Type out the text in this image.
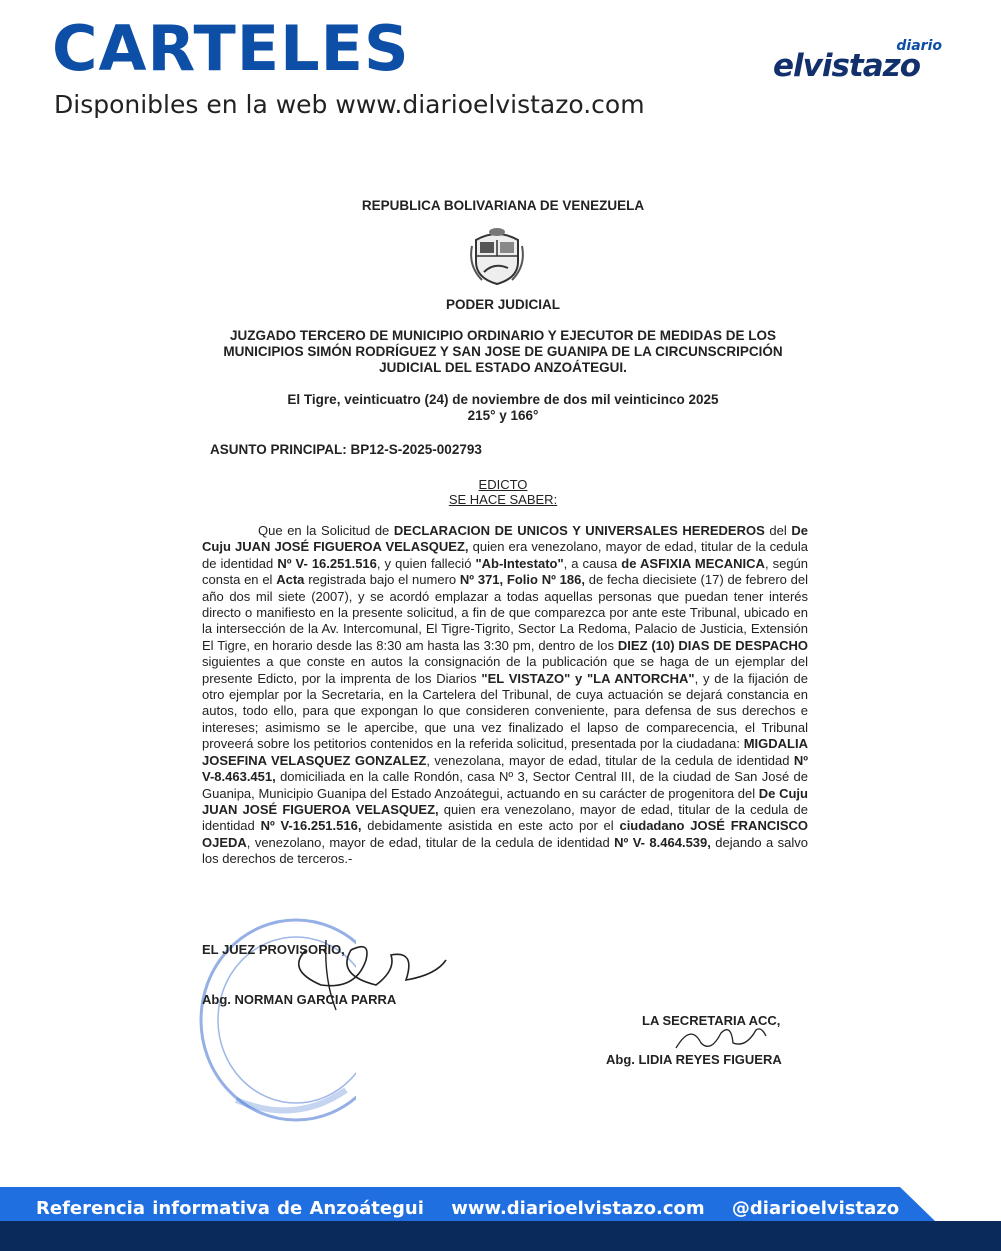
CARTELES
Disponibles en la web www.diarioelvistazo.com
diario
elvistazo
REPUBLICA BOLIVARIANA DE VENEZUELA
PODER JUDICIAL
JUZGADO TERCERO DE MUNICIPIO ORDINARIO Y EJECUTOR DE MEDIDAS DE LOS
MUNICIPIOS SIMÓN RODRÍGUEZ Y SAN JOSE DE GUANIPA DE LA CIRCUNSCRIPCIÓN
JUDICIAL DEL ESTADO ANZOÁTEGUI.
El Tigre, veinticuatro (24) de noviembre de dos mil veinticinco 2025
215° y 166°
ASUNTO PRINCIPAL: BP12-S-2025-002793
EDICTO
SE HACE SABER:
Que en la Solicitud de DECLARACION DE UNICOS Y UNIVERSALES HEREDEROS del De Cuju JUAN JOSÉ FIGUEROA VELASQUEZ, quien era venezolano, mayor de edad, titular de la cedula de identidad Nº V- 16.251.516, y quien falleció "Ab-Intestato", a causa de ASFIXIA MECANICA, según consta en el Acta registrada bajo el numero Nº 371, Folio Nº 186, de fecha diecisiete (17) de febrero del año dos mil siete (2007), y se acordó emplazar a todas aquellas personas que puedan tener interés directo o manifiesto en la presente solicitud, a fin de que comparezca por ante este Tribunal, ubicado en la intersección de la Av. Intercomunal, El Tigre-Tigrito, Sector La Redoma, Palacio de Justicia, Extensión El Tigre, en horario desde las 8:30 am hasta las 3:30 pm, dentro de los DIEZ (10) DIAS DE DESPACHO siguientes a que conste en autos la consignación de la publicación que se haga de un ejemplar del presente Edicto, por la imprenta de los Diarios "EL VISTAZO" y "LA ANTORCHA", y de la fijación de otro ejemplar por la Secretaria, en la Cartelera del Tribunal, de cuya actuación se dejará constancia en autos, todo ello, para que expongan lo que consideren conveniente, para defensa de sus derechos e intereses; asimismo se le apercibe, que una vez finalizado el lapso de comparecencia, el Tribunal proveerá sobre los petitorios contenidos en la referida solicitud, presentada por la ciudadana: MIGDALIA JOSEFINA VELASQUEZ GONZALEZ, venezolana, mayor de edad, titular de la cedula de identidad Nº V-8.463.451, domiciliada en la calle Rondón, casa Nº 3, Sector Central III, de la ciudad de San José de Guanipa, Municipio Guanipa del Estado Anzoátegui, actuando en su carácter de progenitora del De Cuju JUAN JOSÉ FIGUEROA VELASQUEZ, quien era venezolano, mayor de edad, titular de la cedula de identidad Nº V-16.251.516, debidamente asistida en este acto por el ciudadano JOSÉ FRANCISCO OJEDA, venezolano, mayor de edad, titular de la cedula de identidad Nº V- 8.464.539, dejando a salvo los derechos de terceros.-
EL JUEZ PROVISORIO,
Abg. NORMAN GARCIA PARRA
LA SECRETARIA ACC,
Abg. LIDIA REYES FIGUERA
Referencia informativa de Anzoátegui www.diarioelvistazo.com @diarioelvistazo
